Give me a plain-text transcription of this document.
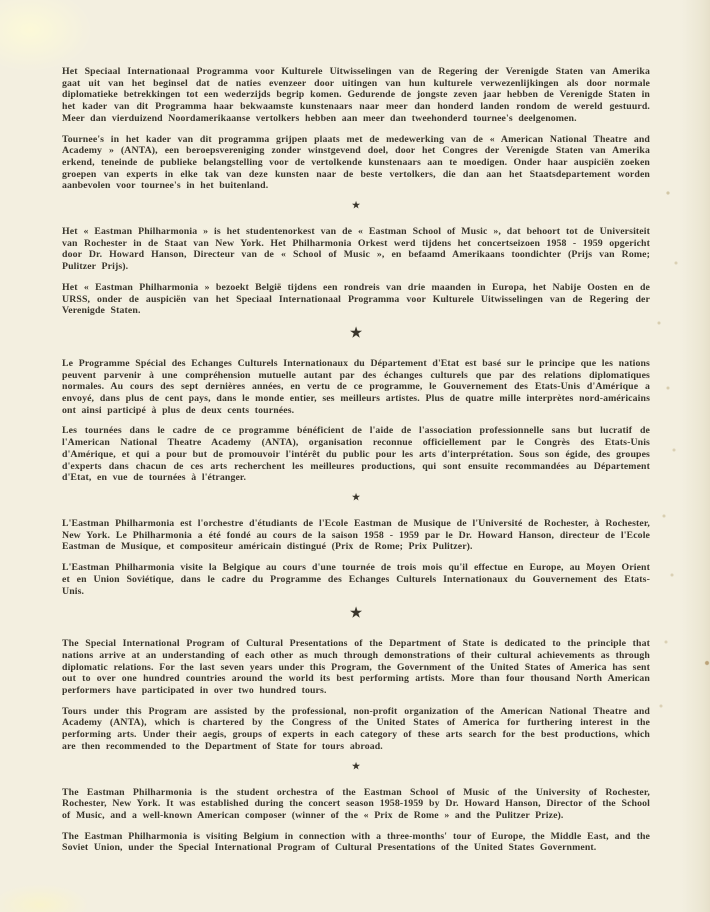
Het Speciaal Internationaal Programma voor Kulturele Uitwisselingen van de Regering der Verenigde Staten van Amerika gaat uit van het beginsel dat de naties evenzeer door uitingen van hun kulturele verwezenlijkingen als door normale diplomatieke betrekkingen tot een wederzijds begrip komen. Gedurende de jongste zeven jaar hebben de Verenigde Staten in het kader van dit Programma haar bekwaamste kunstenaars naar meer dan honderd landen rondom de wereld gestuurd. Meer dan vierduizend Noordamerikaanse vertolkers hebben aan meer dan tweehonderd tournee's deelgenomen.

Tournee's in het kader van dit programma grijpen plaats met de medewerking van de « American National Theatre and Academy » (ANTA), een beroepsvereniging zonder winstgevend doel, door het Congres der Verenigde Staten van Amerika erkend, teneinde de publieke belangstelling voor de vertolkende kunstenaars aan te moedigen. Onder haar auspiciën zoeken groepen van experts in elke tak van deze kunsten naar de beste vertolkers, die dan aan het Staatsdepartement worden aanbevolen voor tournee's in het buitenland.

★

Het « Eastman Philharmonia » is het studentenorkest van de « Eastman School of Music », dat behoort tot de Universiteit van Rochester in de Staat van New York. Het Philharmonia Orkest werd tijdens het concertseizoen 1958 - 1959 opgericht door Dr. Howard Hanson, Directeur van de « School of Music », en befaamd Amerikaans toondichter (Prijs van Rome; Pulitzer Prijs).

Het « Eastman Philharmonia » bezoekt België tijdens een rondreis van drie maanden in Europa, het Nabije Oosten en de URSS, onder de auspiciën van het Speciaal Internationaal Programma voor Kulturele Uitwisselingen van de Regering der Verenigde Staten.

★

Le Programme Spécial des Echanges Culturels Internationaux du Département d'Etat est basé sur le principe que les nations peuvent parvenir à une compréhension mutuelle autant par des échanges culturels que par des relations diplomatiques normales. Au cours des sept dernières années, en vertu de ce programme, le Gouvernement des Etats-Unis d'Amérique a envoyé, dans plus de cent pays, dans le monde entier, ses meilleurs artistes. Plus de quatre mille interprètes nord-américains ont ainsi participé à plus de deux cents tournées.

Les tournées dans le cadre de ce programme bénéficient de l'aide de l'association professionnelle sans but lucratif de l'American National Theatre Academy (ANTA), organisation reconnue officiellement par le Congrès des Etats-Unis d'Amérique, et qui a pour but de promouvoir l'intérêt du public pour les arts d'interprétation. Sous son égide, des groupes d'experts dans chacun de ces arts recherchent les meilleures productions, qui sont ensuite recommandées au Département d'Etat, en vue de tournées à l'étranger.

★

L'Eastman Philharmonia est l'orchestre d'étudiants de l'Ecole Eastman de Musique de l'Université de Rochester, à Rochester, New York. Le Philharmonia a été fondé au cours de la saison 1958 - 1959 par le Dr. Howard Hanson, directeur de l'Ecole Eastman de Musique, et compositeur américain distingué (Prix de Rome; Prix Pulitzer).

L'Eastman Philharmonia visite la Belgique au cours d'une tournée de trois mois qu'il effectue en Europe, au Moyen Orient et en Union Soviétique, dans le cadre du Programme des Echanges Culturels Internationaux du Gouvernement des Etats-Unis.

★

The Special International Program of Cultural Presentations of the Department of State is dedicated to the principle that nations arrive at an understanding of each other as much through demonstrations of their cultural achievements as through diplomatic relations. For the last seven years under this Program, the Government of the United States of America has sent out to over one hundred countries around the world its best performing artists. More than four thousand North American performers have participated in over two hundred tours.

Tours under this Program are assisted by the professional, non-profit organization of the American National Theatre and Academy (ANTA), which is chartered by the Congress of the United States of America for furthering interest in the performing arts. Under their aegis, groups of experts in each category of these arts search for the best productions, which are then recommended to the Department of State for tours abroad.

★

The Eastman Philharmonia is the student orchestra of the Eastman School of Music of the University of Rochester, Rochester, New York. It was established during the concert season 1958-1959 by Dr. Howard Hanson, Director of the School of Music, and a well-known American composer (winner of the « Prix de Rome » and the Pulitzer Prize).

The Eastman Philharmonia is visiting Belgium in connection with a three-months' tour of Europe, the Middle East, and the Soviet Union, under the Special International Program of Cultural Presentations of the United States Government.
